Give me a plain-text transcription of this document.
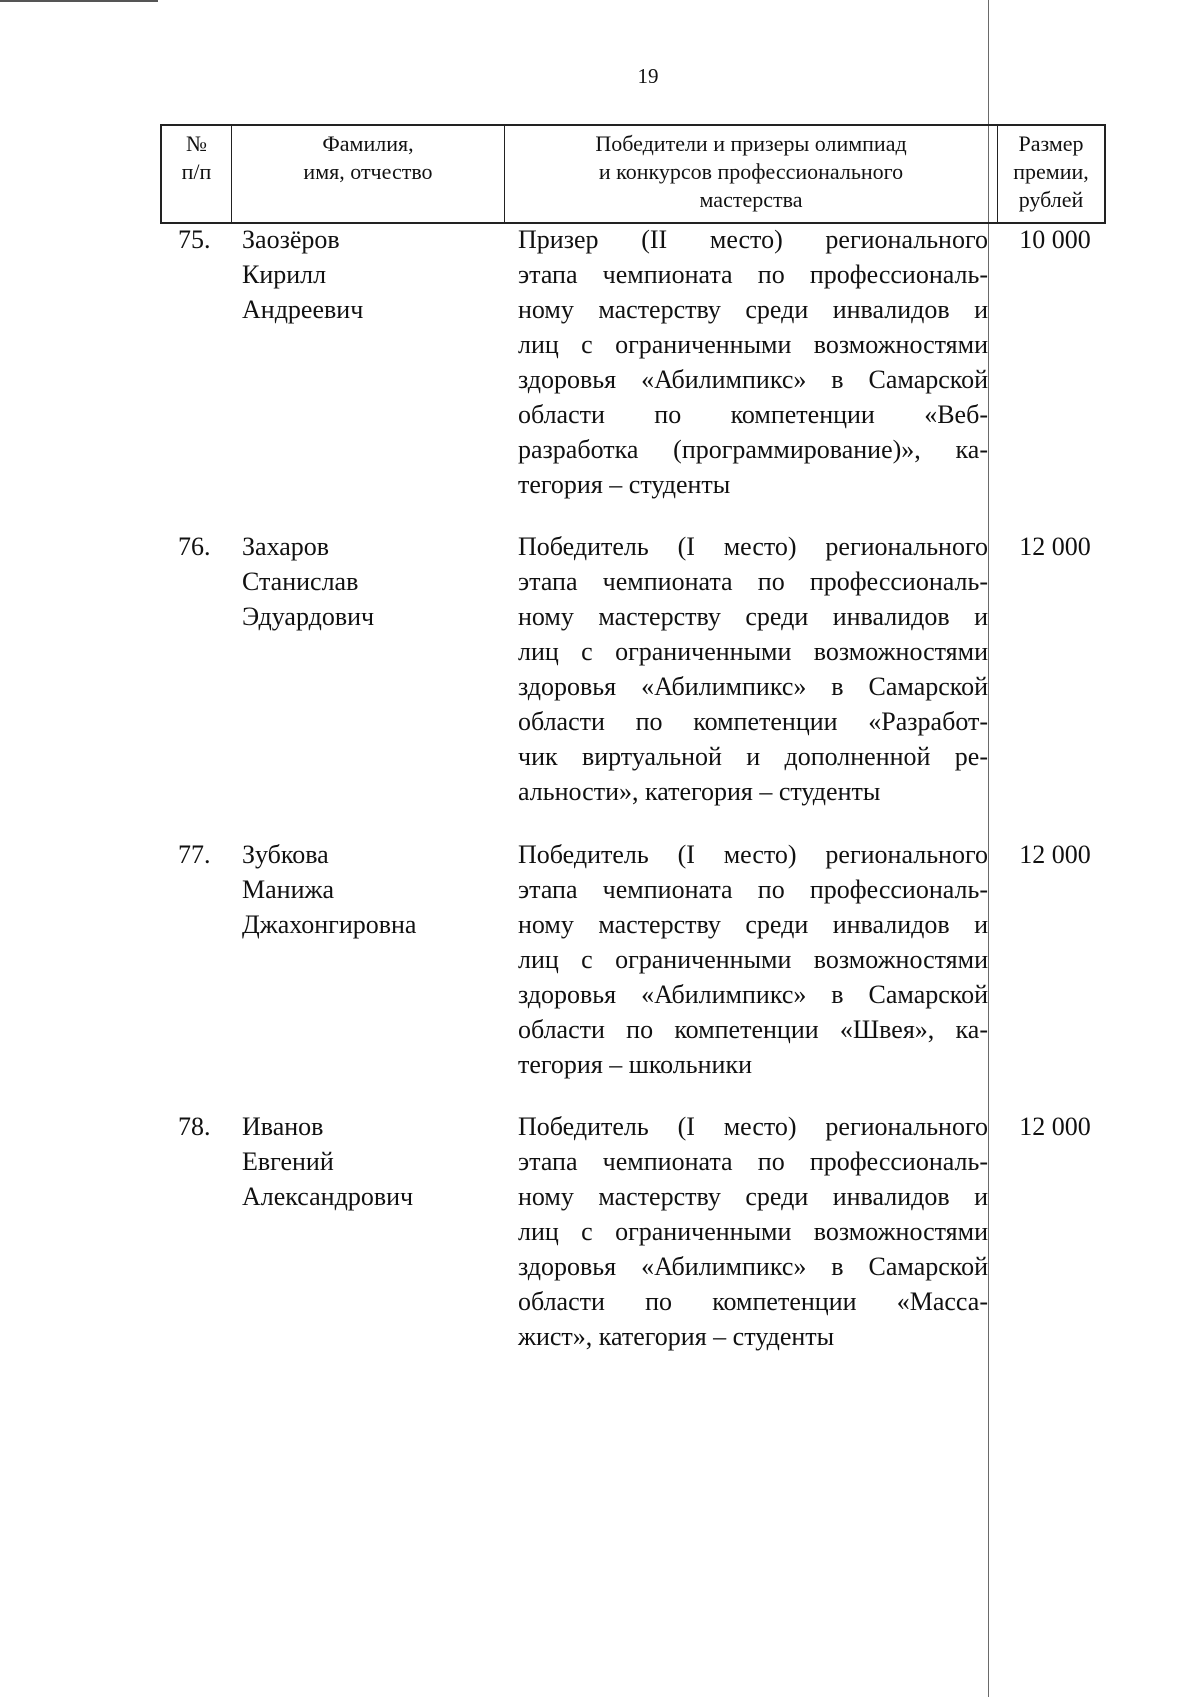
19
№
п/п
Фамилия,
имя, отчество
Победители и призеры олимпиад
и конкурсов профессионального
мастерства
Размер
премии,
рублей
75. Заозёров
Кирилл
Андреевич
Призер (II место) регионального
этапа чемпионата по профессиональ-
ному мастерству среди инвалидов и
лиц с ограниченными возможностями
здоровья «Абилимпикс» в Самарской
области по компетенции «Веб-
разработка (программирование)», ка-
тегория – студенты
10 000
76. Захаров
Станислав
Эдуардович
Победитель (I место) регионального
этапа чемпионата по профессиональ-
ному мастерству среди инвалидов и
лиц с ограниченными возможностями
здоровья «Абилимпикс» в Самарской
области по компетенции «Разработ-
чик виртуальной и дополненной ре-
альности», категория – студенты
12 000
77. Зубкова
Манижа
Джахонгировна
Победитель (I место) регионального
этапа чемпионата по профессиональ-
ному мастерству среди инвалидов и
лиц с ограниченными возможностями
здоровья «Абилимпикс» в Самарской
области по компетенции «Швея», ка-
тегория – школьники
12 000
78. Иванов
Евгений
Александрович
Победитель (I место) регионального
этапа чемпионата по профессиональ-
ному мастерству среди инвалидов и
лиц с ограниченными возможностями
здоровья «Абилимпикс» в Самарской
области по компетенции «Масса-
жист», категория – студенты
12 000
